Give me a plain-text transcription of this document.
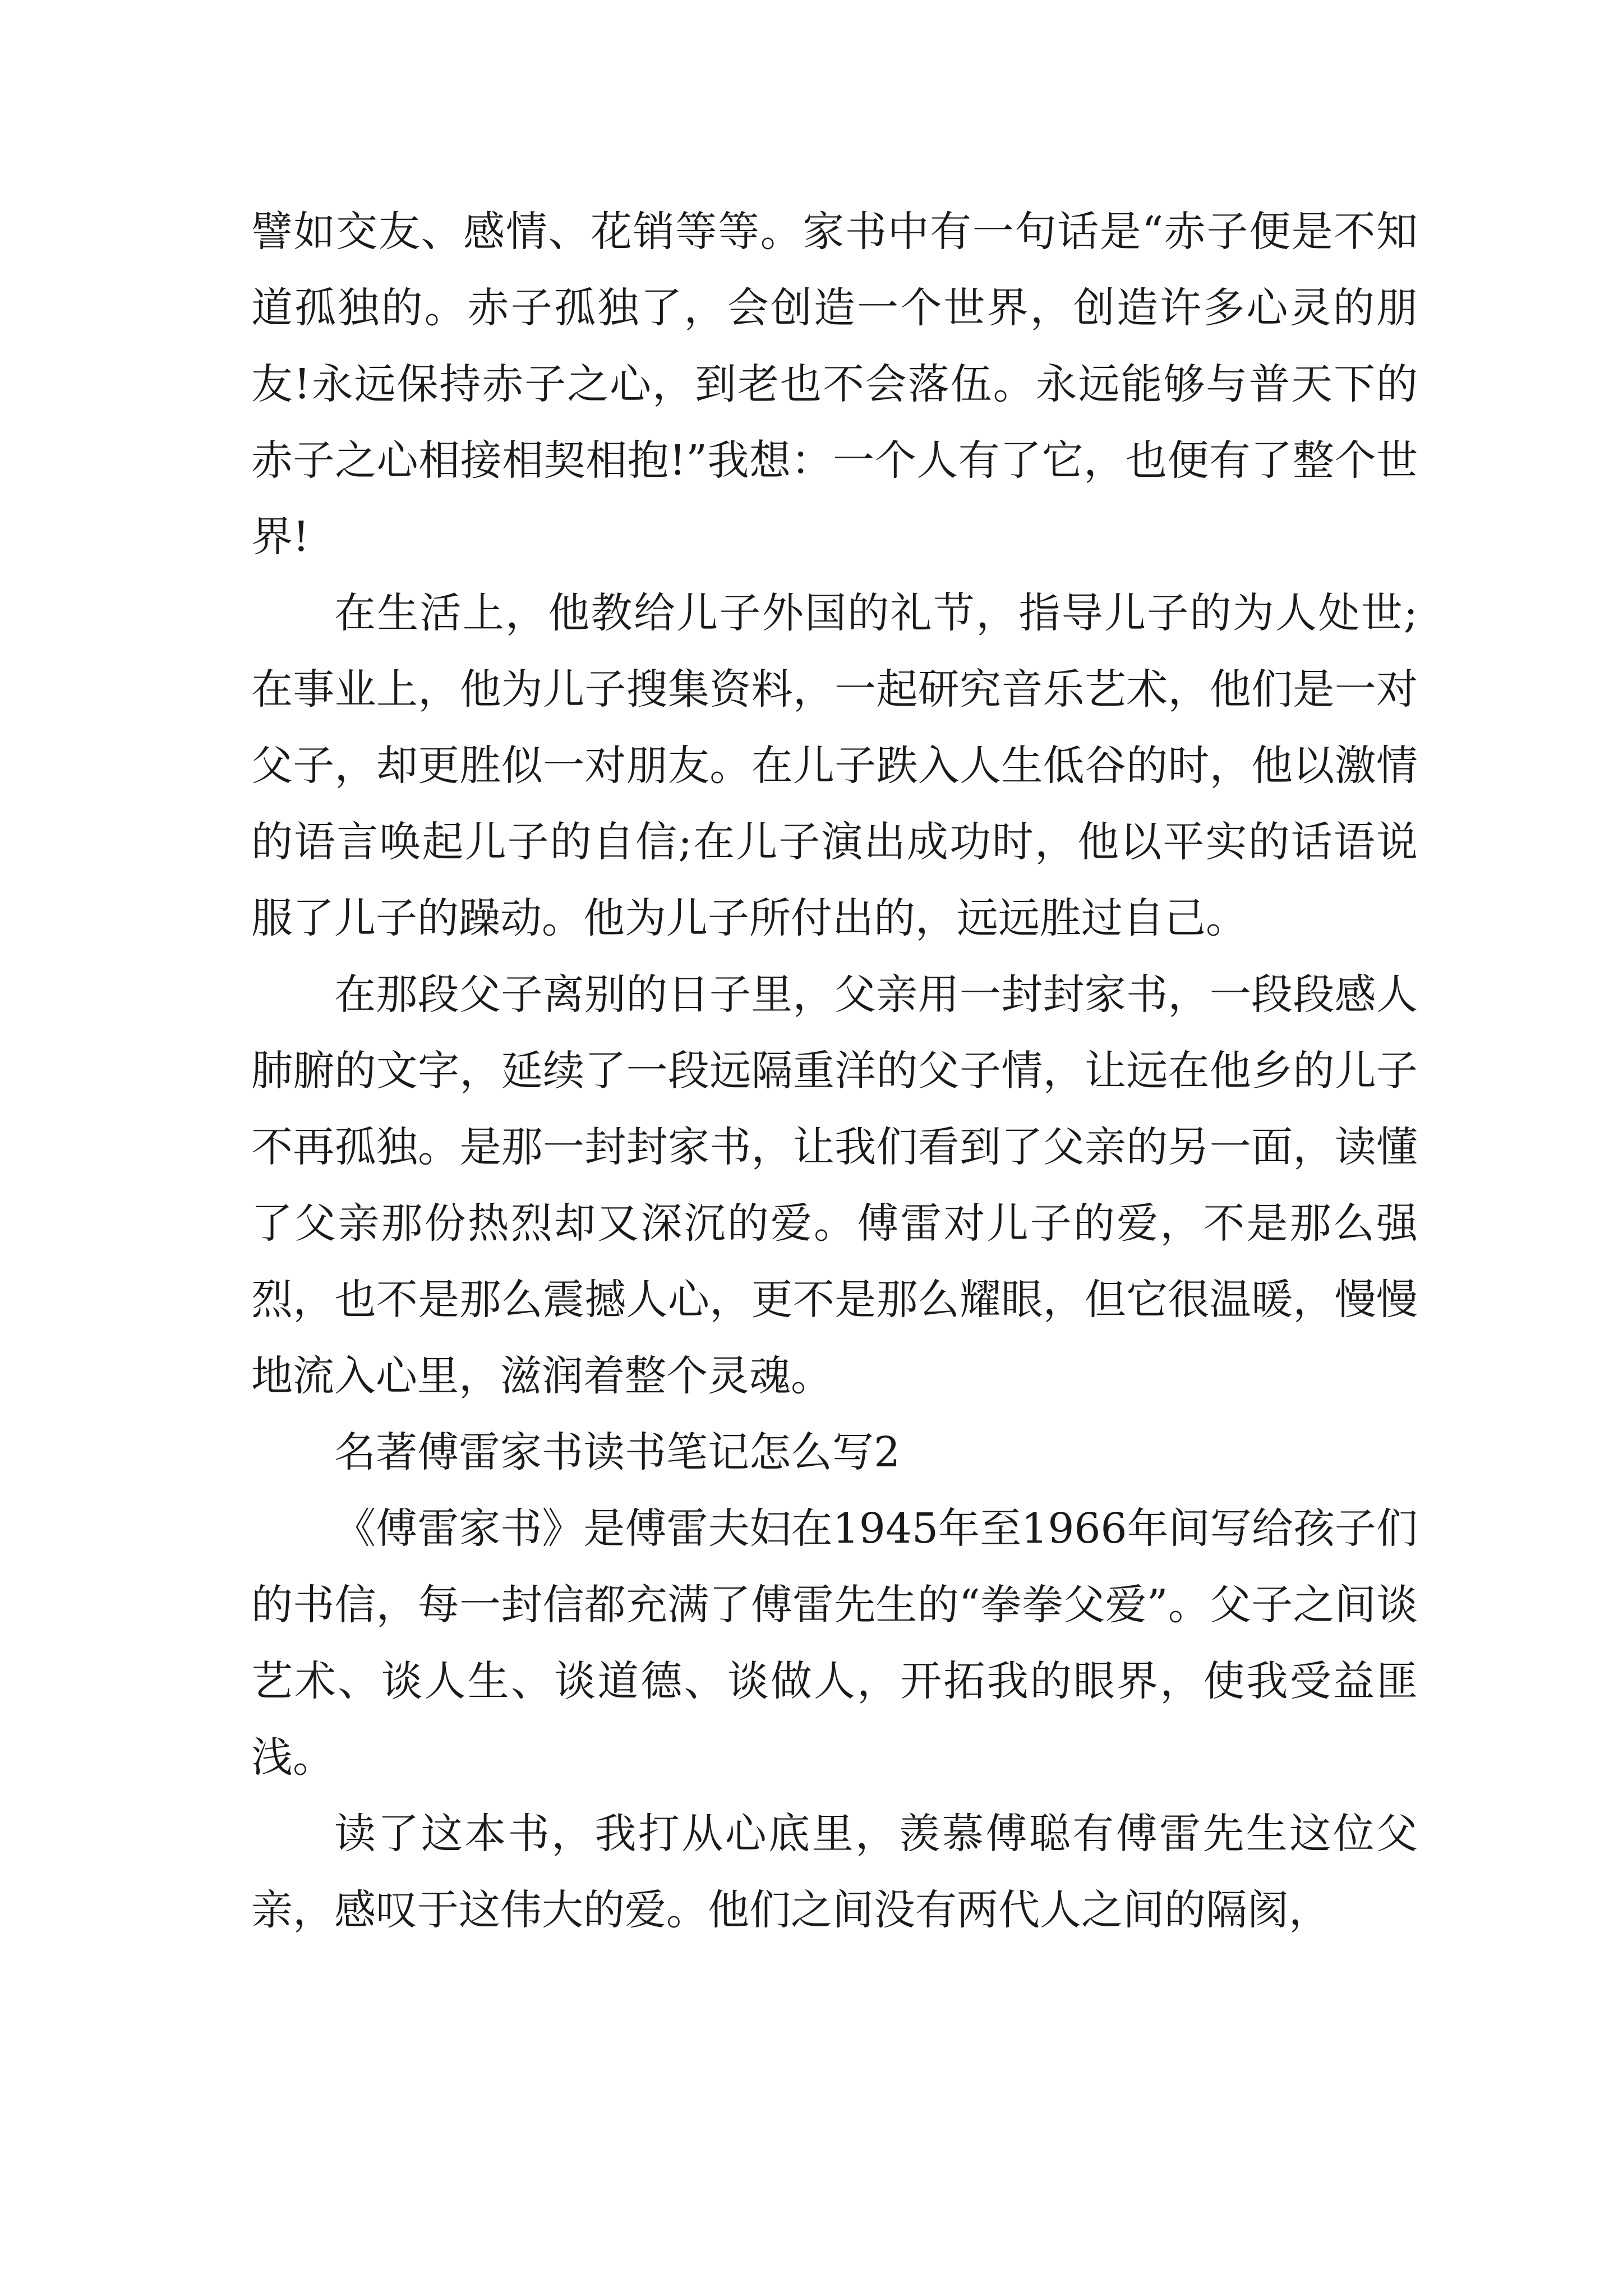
譬如交友、感情、花销等等。家书中有一句话是“赤子便是不知道孤独的。赤子孤独了，会创造一个世界，创造许多心灵的朋友!永远保持赤子之心，到老也不会落伍。永远能够与普天下的赤子之心相接相契相抱!”我想：一个人有了它，也便有了整个世界!

在生活上，他教给儿子外国的礼节，指导儿子的为人处世;在事业上，他为儿子搜集资料，一起研究音乐艺术，他们是一对父子，却更胜似一对朋友。在儿子跌入人生低谷的时，他以激情的语言唤起儿子的自信;在儿子演出成功时，他以平实的话语说服了儿子的躁动。他为儿子所付出的，远远胜过自己。

在那段父子离别的日子里，父亲用一封封家书，一段段感人肺腑的文字，延续了一段远隔重洋的父子情，让远在他乡的儿子不再孤独。是那一封封家书，让我们看到了父亲的另一面，读懂了父亲那份热烈却又深沉的爱。傅雷对儿子的爱，不是那么强烈，也不是那么震撼人心，更不是那么耀眼，但它很温暖，慢慢地流入心里，滋润着整个灵魂。

名著傅雷家书读书笔记怎么写2

《傅雷家书》是傅雷夫妇在1945年至1966年间写给孩子们的书信，每一封信都充满了傅雷先生的“拳拳父爱”。父子之间谈艺术、谈人生、谈道德、谈做人，开拓我的眼界，使我受益匪浅。

读了这本书，我打从心底里，羡慕傅聪有傅雷先生这位父亲，感叹于这伟大的爱。他们之间没有两代人之间的隔阂，
